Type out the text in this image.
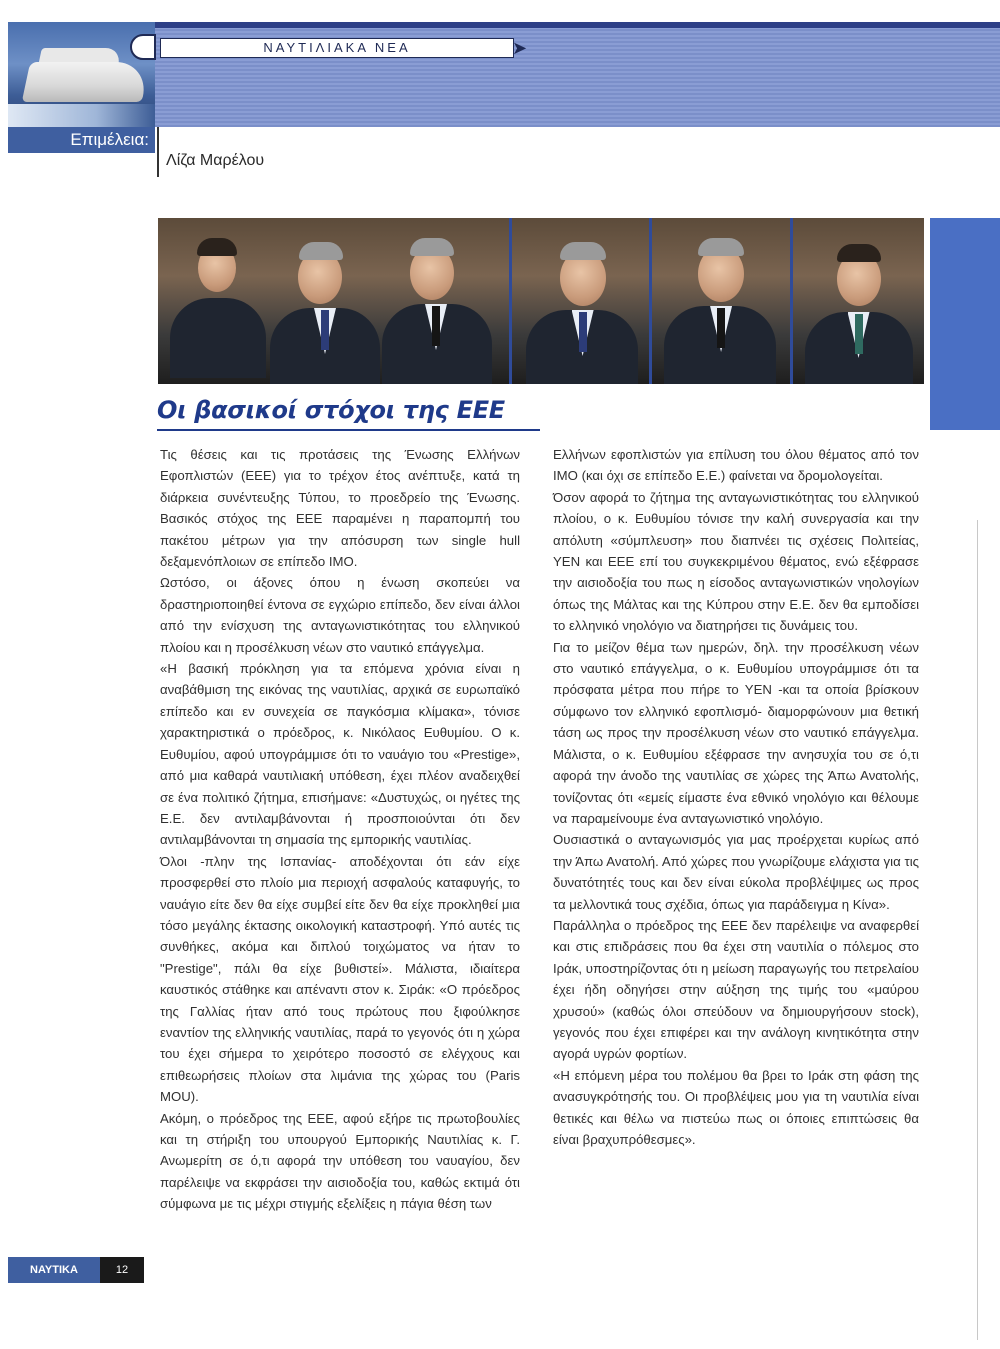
ΝΑΥΤΙΛΙΑΚΑ ΝΕΑ	➤
Επιμέλεια:
Λίζα Μαρέλου
Οι βασικοί στόχοι της ΕΕΕ

Τις θέσεις και τις προτάσεις της Ένωσης Ελλήνων Εφοπλιστών (ΕΕΕ) για το τρέχον έτος ανέπτυξε, κατά τη διάρκεια συνέντευξης Τύπου, το προεδρείο της Ένωσης. Βασικός στόχος της ΕΕΕ παραμένει η παραπομπή του πακέτου μέτρων για την απόσυρση των single hull δεξαμενόπλοιων σε επίπεδο ΙΜΟ.

Ωστόσο, οι άξονες όπου η ένωση σκοπεύει να δραστηριοποιηθεί έντονα σε εγχώριο επίπεδο, δεν είναι άλλοι από την ενίσχυση της ανταγωνιστικότητας του ελληνικού πλοίου και η προσέλκυση νέων στο ναυτικό επάγγελμα.

«Η βασική πρόκληση για τα επόμενα χρόνια είναι η αναβάθμιση της εικόνας της ναυτιλίας, αρχικά σε ευρωπαϊκό επίπεδο και εν συνεχεία σε παγκόσμια κλίμακα», τόνισε χαρακτηριστικά ο πρόεδρος, κ. Νικόλαος Ευθυμίου. Ο κ. Ευθυμίου, αφού υπογράμμισε ότι το ναυάγιο του «Prestige», από μια καθαρά ναυτιλιακή υπόθεση, έχει πλέον αναδειχθεί σε ένα πολιτικό ζήτημα, επισήμανε: «Δυστυχώς, οι ηγέτες της Ε.Ε. δεν αντιλαμβάνονται ή προσποιούνται ότι δεν αντιλαμβάνονται τη σημασία της εμπορικής ναυτιλίας.

Όλοι -πλην της Ισπανίας- αποδέχονται ότι εάν είχε προσφερθεί στο πλοίο μια περιοχή ασφαλούς καταφυγής, το ναυάγιο είτε δεν θα είχε συμβεί είτε δεν θα είχε προκληθεί μια τόσο μεγάλης έκτασης οικολογική καταστροφή. Υπό αυτές τις συνθήκες, ακόμα και διπλού τοιχώματος να ήταν το "Prestige", πάλι θα είχε βυθιστεί». Μάλιστα, ιδιαίτερα καυστικός στάθηκε και απέναντι στον κ. Σιράκ: «Ο πρόεδρος της Γαλλίας ήταν από τους πρώτους που ξιφούλκησε εναντίον της ελληνικής ναυτιλίας, παρά το γεγονός ότι η χώρα του έχει σήμερα το χειρότερο ποσοστό σε ελέγχους και επιθεωρήσεις πλοίων στα λιμάνια της χώρας του (Paris MOU).

Ακόμη, ο πρόεδρος της ΕΕΕ, αφού εξήρε τις πρωτοβουλίες και τη στήριξη του υπουργού Εμπορικής Ναυτιλίας κ. Γ. Ανωμερίτη σε ό,τι αφορά την υπόθεση του ναυαγίου, δεν παρέλειψε να εκφράσει την αισιοδοξία του, καθώς εκτιμά ότι σύμφωνα με τις μέχρι στιγμής εξελίξεις η πάγια θέση των

Ελλήνων εφοπλιστών για επίλυση του όλου θέματος από τον ΙΜΟ (και όχι σε επίπεδο Ε.Ε.) φαίνεται να δρομολογείται.

Όσον αφορά το ζήτημα της ανταγωνιστικότητας του ελληνικού πλοίου, ο κ. Ευθυμίου τόνισε την καλή συνεργασία και την απόλυτη «σύμπλευση» που διαπνέει τις σχέσεις Πολιτείας, ΥΕΝ και ΕΕΕ επί του συγκεκριμένου θέματος, ενώ εξέφρασε την αισιοδοξία του πως η είσοδος ανταγωνιστικών νηολογίων όπως της Μάλτας και της Κύπρου στην Ε.Ε. δεν θα εμποδίσει το ελληνικό νηολόγιο να διατηρήσει τις δυνάμεις του.

Για το μείζον θέμα των ημερών, δηλ. την προσέλκυση νέων στο ναυτικό επάγγελμα, ο κ. Ευθυμίου υπογράμμισε ότι τα πρόσφατα μέτρα που πήρε το ΥΕΝ -και τα οποία βρίσκουν σύμφωνο τον ελληνικό εφοπλισμό- διαμορφώνουν μια θετική τάση ως προς την προσέλκυση νέων στο ναυτικό επάγγελμα. Μάλιστα, ο κ. Ευθυμίου εξέφρασε την ανησυχία του σε ό,τι αφορά την άνοδο της ναυτιλίας σε χώρες της Άπω Ανατολής, τονίζοντας ότι «εμείς είμαστε ένα εθνικό νηολόγιο και θέλουμε να παραμείνουμε ένα ανταγωνιστικό νηολόγιο.

Ουσιαστικά ο ανταγωνισμός για μας προέρχεται κυρίως από την Άπω Ανατολή. Από χώρες που γνωρίζουμε ελάχιστα για τις δυνατότητές τους και δεν είναι εύκολα προβλέψιμες ως προς τα μελλοντικά τους σχέδια, όπως για παράδειγμα η Κίνα».

Παράλληλα ο πρόεδρος της ΕΕΕ δεν παρέλειψε να αναφερθεί και στις επιδράσεις που θα έχει στη ναυτιλία ο πόλεμος στο Ιράκ, υποστηρίζοντας ότι η μείωση παραγωγής του πετρελαίου έχει ήδη οδηγήσει στην αύξηση της τιμής του «μαύρου χρυσού» (καθώς όλοι σπεύδουν να δημιουργήσουν stock), γεγονός που έχει επιφέρει και την ανάλογη κινητικότητα στην αγορά υγρών φορτίων.

«Η επόμενη μέρα του πολέμου θα βρει το Ιράκ στη φάση της ανασυγκρότησής του. Οι προβλέψεις μου για τη ναυτιλία είναι θετικές και θέλω να πιστεύω πως οι όποιες επιπτώσεις θα είναι βραχυπρόθεσμες».

ΝΑΥΤΙΚΑ ΧΡΟΝΙΚΑ
12
